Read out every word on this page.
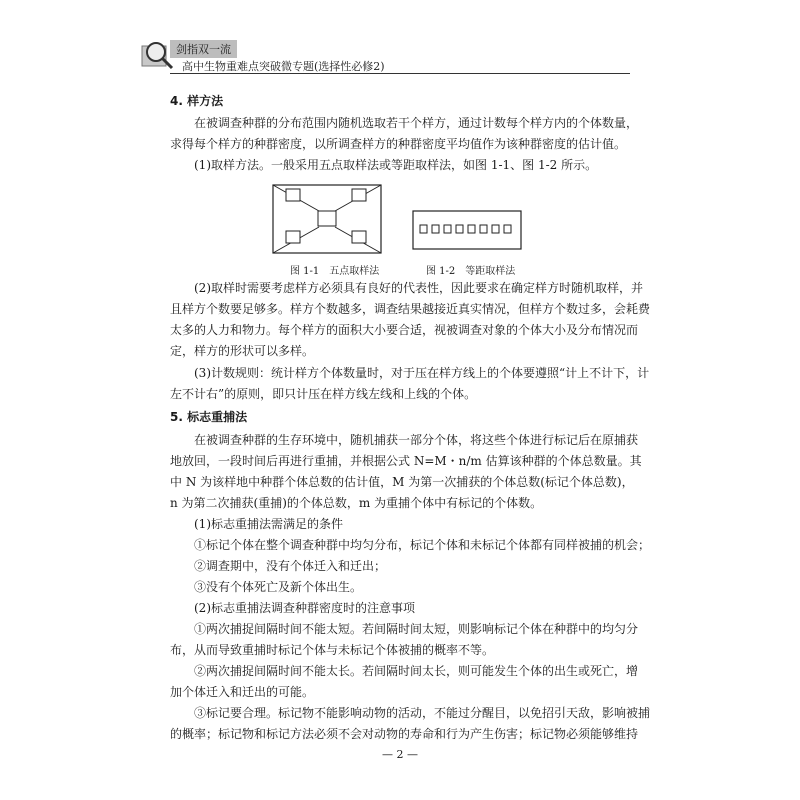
剑指双一流
高中生物重难点突破微专题(选择性必修2)
4. 样方法
在被调查种群的分布范围内随机选取若干个样方，通过计数每个样方内的个体数量，
求得每个样方的种群密度，以所调查样方的种群密度平均值作为该种群密度的估计值。
(1)取样方法。一般采用五点取样法或等距取样法，如图 1-1、图 1-2 所示。
图 1-1　五点取样法	图 1-2　等距取样法
(2)取样时需要考虑样方必须具有良好的代表性，因此要求在确定样方时随机取样，并
且样方个数要足够多。样方个数越多，调查结果越接近真实情况，但样方个数过多，会耗费
太多的人力和物力。每个样方的面积大小要合适，视被调查对象的个体大小及分布情况而
定，样方的形状可以多样。
(3)计数规则：统计样方个体数量时，对于压在样方线上的个体要遵照“计上不计下，计
左不计右”的原则，即只计压在样方线左线和上线的个体。
5. 标志重捕法
在被调查种群的生存环境中，随机捕获一部分个体，将这些个体进行标记后在原捕获
地放回，一段时间后再进行重捕，并根据公式 N=M・n/m 估算该种群的个体总数量。其
中 N 为该样地中种群个体总数的估计值，M 为第一次捕获的个体总数(标记个体总数)，
n 为第二次捕获(重捕)的个体总数，m 为重捕个体中有标记的个体数。
(1)标志重捕法需满足的条件
①标记个体在整个调查种群中均匀分布，标记个体和未标记个体都有同样被捕的机会；
②调查期中，没有个体迁入和迁出；
③没有个体死亡及新个体出生。
(2)标志重捕法调查种群密度时的注意事项
①两次捕捉间隔时间不能太短。若间隔时间太短，则影响标记个体在种群中的均匀分
布，从而导致重捕时标记个体与未标记个体被捕的概率不等。
②两次捕捉间隔时间不能太长。若间隔时间太长，则可能发生个体的出生或死亡，增
加个体迁入和迁出的可能。
③标记要合理。标记物不能影响动物的活动，不能过分醒目，以免招引天敌，影响被捕
的概率；标记物和标记方法必须不会对动物的寿命和行为产生伤害；标记物必须能够维持
— 2 —
